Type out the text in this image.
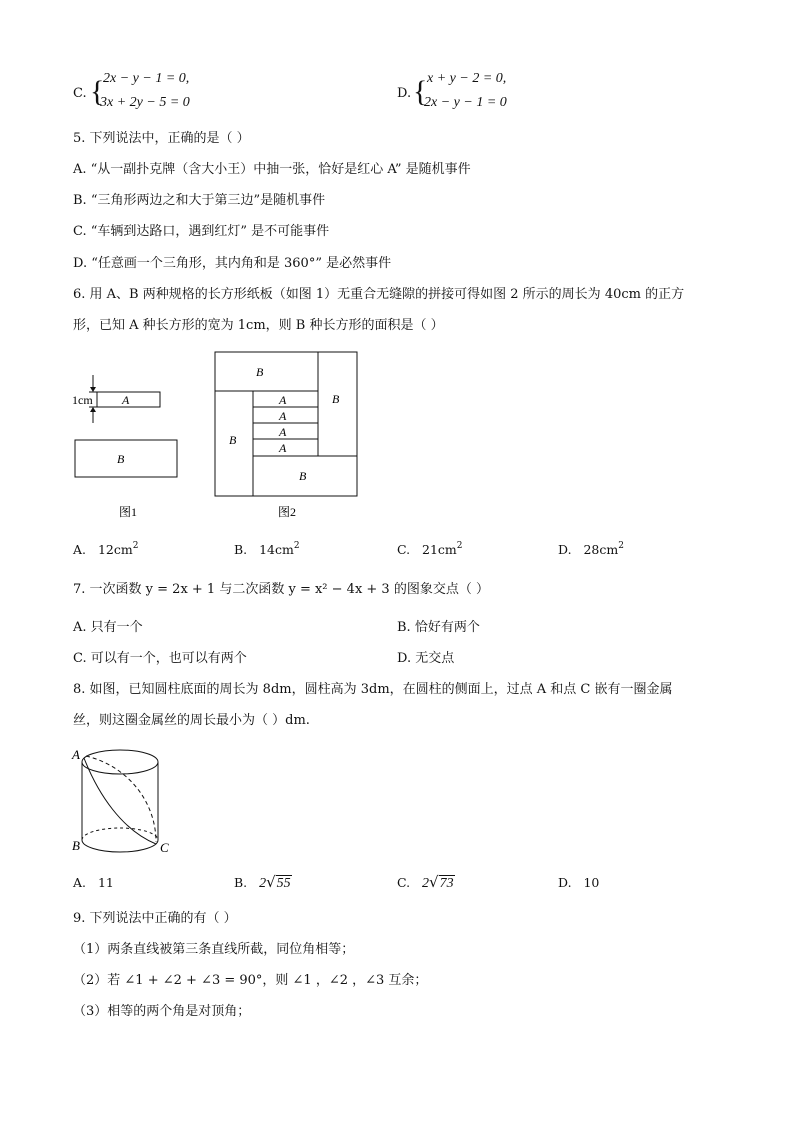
C. {
2x − y − 1 = 0,
3x + 2y − 5 = 0
D. { x + y − 2 = 0,
2x − y − 1 = 0
5. 下列说法中，正确的是（ ）
A. “从一副扑克牌（含大小王）中抽一张，恰好是红心 A” 是随机事件
B. “三角形两边之和大于第三边”是随机事件
C. “车辆到达路口，遇到红灯” 是不可能事件
D. “任意画一个三角形，其内角和是 360°” 是必然事件
6. 用 A、B 两种规格的长方形纸板（如图 1）无重合无缝隙的拼接可得如图 2 所示的周长为 40cm 的正方
形，已知 A 种长方形的宽为 1cm，则 B 种长方形的面积是（ ）
1cm A
B
图1
B
B
B
B
A
A
A
A
图2
A. $12cm^2$	B. $14cm^2$	C. $21cm^2$	D. $28cm^2$
7. 一次函数 y = 2x + 1 与二次函数 y = x² − 4x + 3 的图象交点（ ）
A. 只有一个	B. 恰好有两个
C. 可以有一个，也可以有两个	D. 无交点
8. 如图，已知圆柱底面的周长为 8dm，圆柱高为 3dm，在圆柱的侧面上，过点 A 和点 C 嵌有一圈金属
丝，则这圈金属丝的周长最小为（ ）dm.
A
B	C
A. 11	B. 2√55	C. 2√73	D. 10
9. 下列说法中正确的有（ ）
（1）两条直线被第三条直线所截，同位角相等；
（2）若 ∠1 + ∠2 + ∠3 = 90°，则 ∠1 ，∠2 ，∠3 互余；
（3）相等的两个角是对顶角；
